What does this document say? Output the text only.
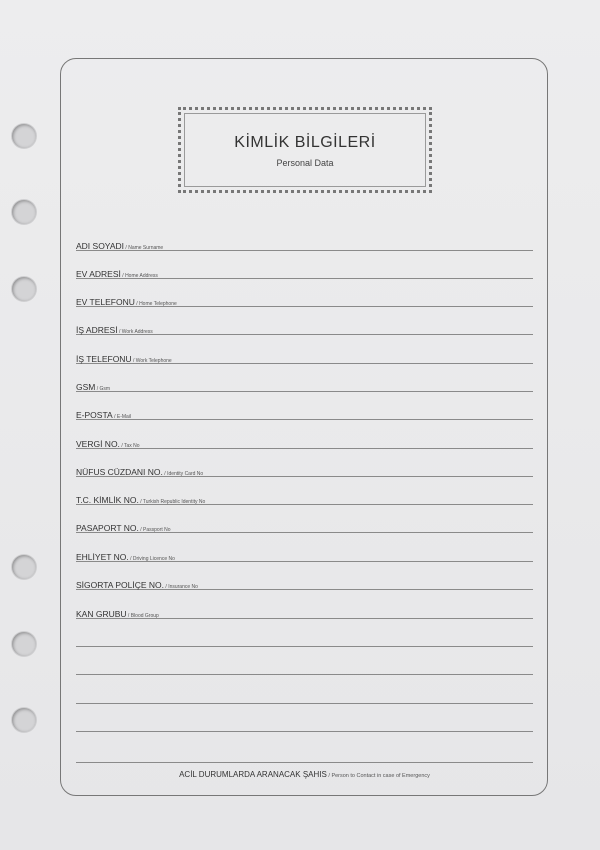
KİMLİK BİLGİLERİ
Personal Data
ADI SOYADI / Name Surname
EV ADRESİ / Home Address
EV TELEFONU / Home Telephone
İŞ ADRESİ / Work Address
İŞ TELEFONU / Work Telephone
GSM / Gsm
E-POSTA / E-Mail
VERGİ NO. / Tax No
NÜFUS CÜZDANI NO. / Identity Card No
T.C. KİMLİK NO. / Turkish Republic Identity No
PASAPORT NO. / Passport No
EHLİYET NO. / Driving Licence No
SİGORTA POLİÇE NO. / Insurance No
KAN GRUBU / Blood Group
ACİL DURUMLARDA ARANACAK ŞAHIS / Person to Contact in case of Emergency
